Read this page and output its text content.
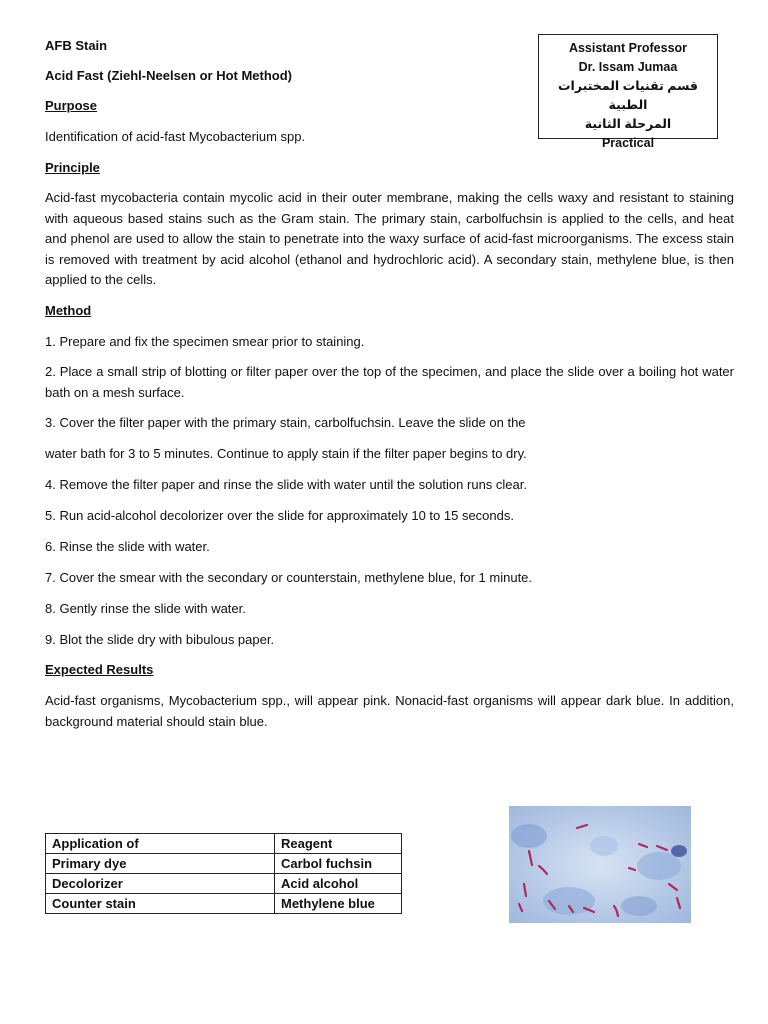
Assistant Professor
Dr. Issam Jumaa
قسم تقنيات المختبرات الطبية
المرحلة الثانية
Practical
AFB Stain
Acid Fast (Ziehl-Neelsen or Hot Method)
Purpose
Identification of acid-fast Mycobacterium spp.
Principle
Acid-fast mycobacteria contain mycolic acid in their outer membrane, making the cells waxy and resistant to staining with aqueous based stains such as the Gram stain. The primary stain, carbolfuchsin is applied to the cells, and heat and phenol are used to allow the stain to penetrate into the waxy surface of acid-fast microorganisms. The excess stain is removed with treatment by acid alcohol (ethanol and hydrochloric acid). A secondary stain, methylene blue, is then applied to the cells.
Method
1. Prepare and fix the specimen smear prior to staining.
2. Place a small strip of blotting or filter paper over the top of the specimen, and place the slide over a boiling hot water bath on a mesh surface.
3. Cover the filter paper with the primary stain, carbolfuchsin. Leave the slide on the
water bath for 3 to 5 minutes. Continue to apply stain if the filter paper begins to dry.
4. Remove the filter paper and rinse the slide with water until the solution runs clear.
5. Run acid-alcohol decolorizer over the slide for approximately 10 to 15 seconds.
6. Rinse the slide with water.
7. Cover the smear with the secondary or counterstain, methylene blue, for 1 minute.
8. Gently rinse the slide with water.
9. Blot the slide dry with bibulous paper.
Expected Results
Acid-fast organisms, Mycobacterium spp., will appear pink. Nonacid-fast organisms will appear dark blue. In addition, background material should stain blue.
Application of	Reagent
Primary dye	Carbol fuchsin
Decolorizer	Acid alcohol
Counter stain	Methylene blue
